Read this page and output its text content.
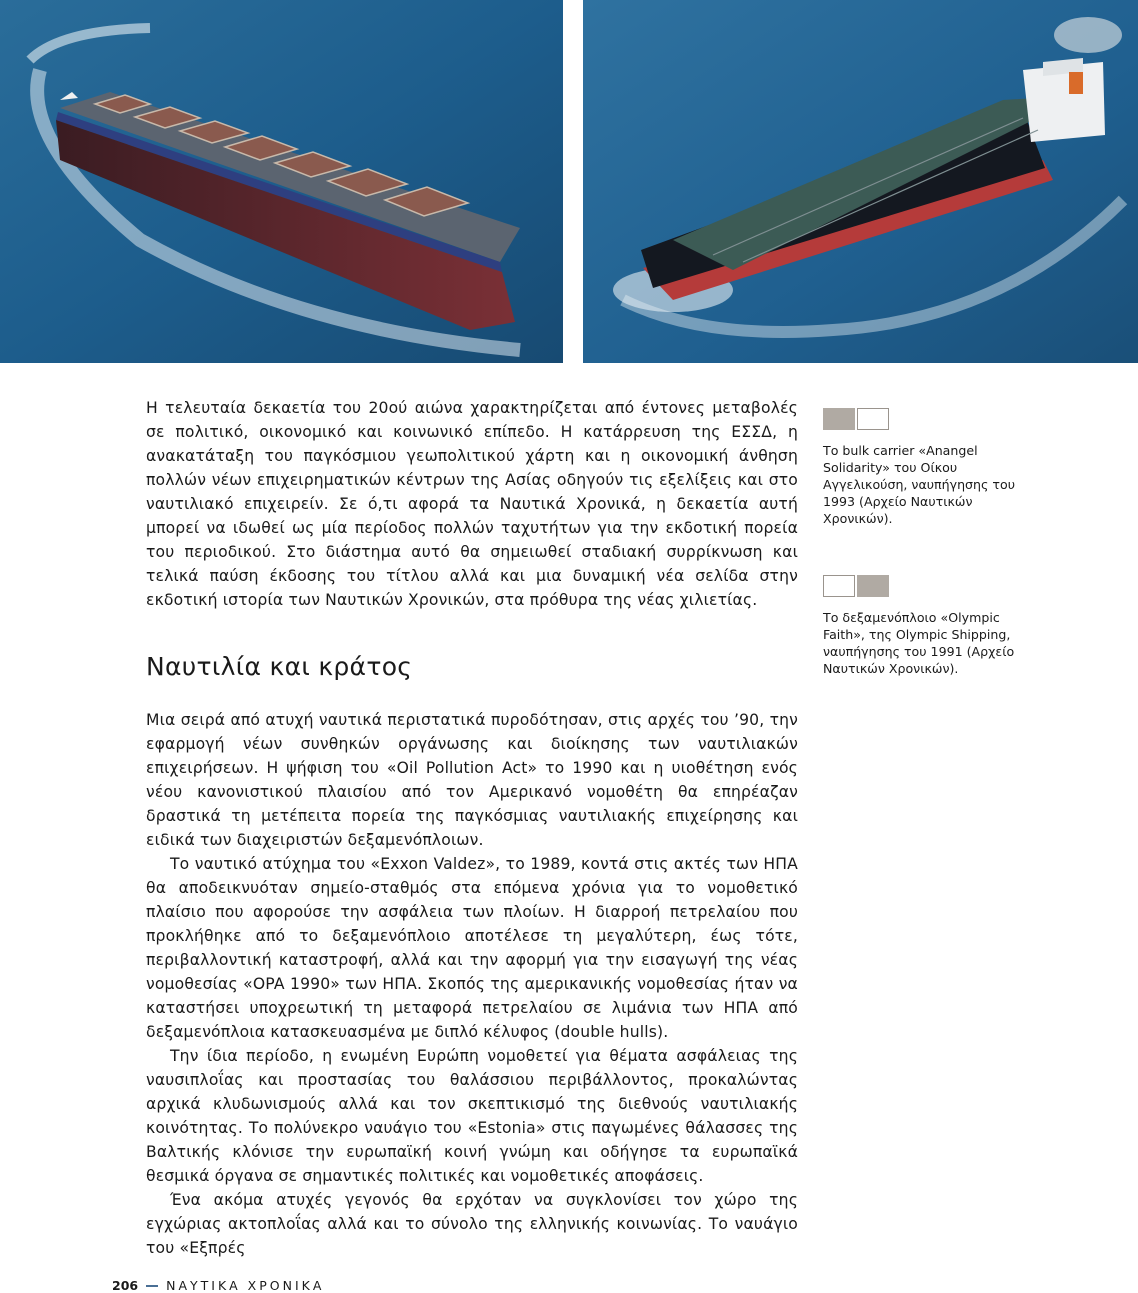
Η τελευταία δεκαετία του 20ού αιώνα χαρακτηρίζεται από έντονες μεταβολές σε πολιτικό, οικονομικό και κοινωνικό επίπεδο. Η κατάρρευση της ΕΣΣΔ, η ανακατάταξη του παγκόσμιου γεωπολιτικού χάρτη και η οικονομική άνθηση πολλών νέων επιχειρηματικών κέντρων της Ασίας οδηγούν τις εξελίξεις και στο ναυτιλιακό επιχειρείν. Σε ό,τι αφορά τα Ναυτικά Χρονικά, η δεκαετία αυτή μπορεί να ιδωθεί ως μία περίοδος πολλών ταχυτήτων για την εκδοτική πορεία του περιοδικού. Στο διάστημα αυτό θα σημειωθεί σταδιακή συρρίκνωση και τελικά παύση έκδοσης του τίτλου αλλά και μια δυναμική νέα σελίδα στην εκδοτική ιστορία των Ναυτικών Χρονικών, στα πρόθυρα της νέας χιλιετίας.

Ναυτιλία και κράτος

Μια σειρά από ατυχή ναυτικά περιστατικά πυροδότησαν, στις αρχές του ’90, την εφαρμογή νέων συνθηκών οργάνωσης και διοίκησης των ναυτιλιακών επιχειρήσεων. Η ψήφιση του «Oil Pollution Act» το 1990 και η υιοθέτηση ενός νέου κανονιστικού πλαισίου από τον Αμερικανό νομοθέτη θα επηρέαζαν δραστικά τη μετέπειτα πορεία της παγκόσμιας ναυτιλιακής επιχείρησης και ειδικά των διαχειριστών δεξαμενόπλοιων.

Το ναυτικό ατύχημα του «Exxon Valdez», το 1989, κοντά στις ακτές των ΗΠΑ θα αποδεικνυόταν σημείο-σταθμός στα επόμενα χρόνια για το νομοθετικό πλαίσιο που αφορούσε την ασφάλεια των πλοίων. Η διαρροή πετρελαίου που προκλήθηκε από το δεξαμενόπλοιο αποτέλεσε τη μεγαλύτερη, έως τότε, περιβαλλοντική καταστροφή, αλλά και την αφορμή για την εισαγωγή της νέας νομοθεσίας «OPA 1990» των ΗΠΑ. Σκοπός της αμερικανικής νομοθεσίας ήταν να καταστήσει υποχρεωτική τη μεταφορά πετρελαίου σε λιμάνια των ΗΠΑ από δεξαμενόπλοια κατασκευασμένα με διπλό κέλυφος (double hulls).

Την ίδια περίοδο, η ενωμένη Ευρώπη νομοθετεί για θέματα ασφάλειας της ναυσιπλοΐας και προστασίας του θαλάσσιου περιβάλλοντος, προκαλώντας αρχικά κλυδωνισμούς αλλά και τον σκεπτικισμό της διεθνούς ναυτιλιακής κοινότητας. Το πολύνεκρο ναυάγιο του «Estonia» στις παγωμένες θάλασσες της Βαλτικής κλόνισε την ευρωπαϊκή κοινή γνώμη και οδήγησε τα ευρωπαϊκά θεσμικά όργανα σε σημαντικές πολιτικές και νομοθετικές αποφάσεις.

Ένα ακόμα ατυχές γεγονός θα ερχόταν να συγκλονίσει τον χώρο της εγχώριας ακτοπλοΐας αλλά και το σύνολο της ελληνικής κοινωνίας. Το ναυάγιο του «Εξπρές

Το bulk carrier «Anangel Solidarity» του Οίκου Αγγελικούση, ναυπήγησης του 1993 (Αρχείο Ναυτικών Χρονικών).

Το δεξαμενόπλοιο «Olympic Faith», της Olympic Shipping, ναυπήγησης του 1991 (Αρχείο Ναυτικών Χρονικών).

206 ΝΑΥΤΙΚΑ ΧΡΟΝΙΚΑ
